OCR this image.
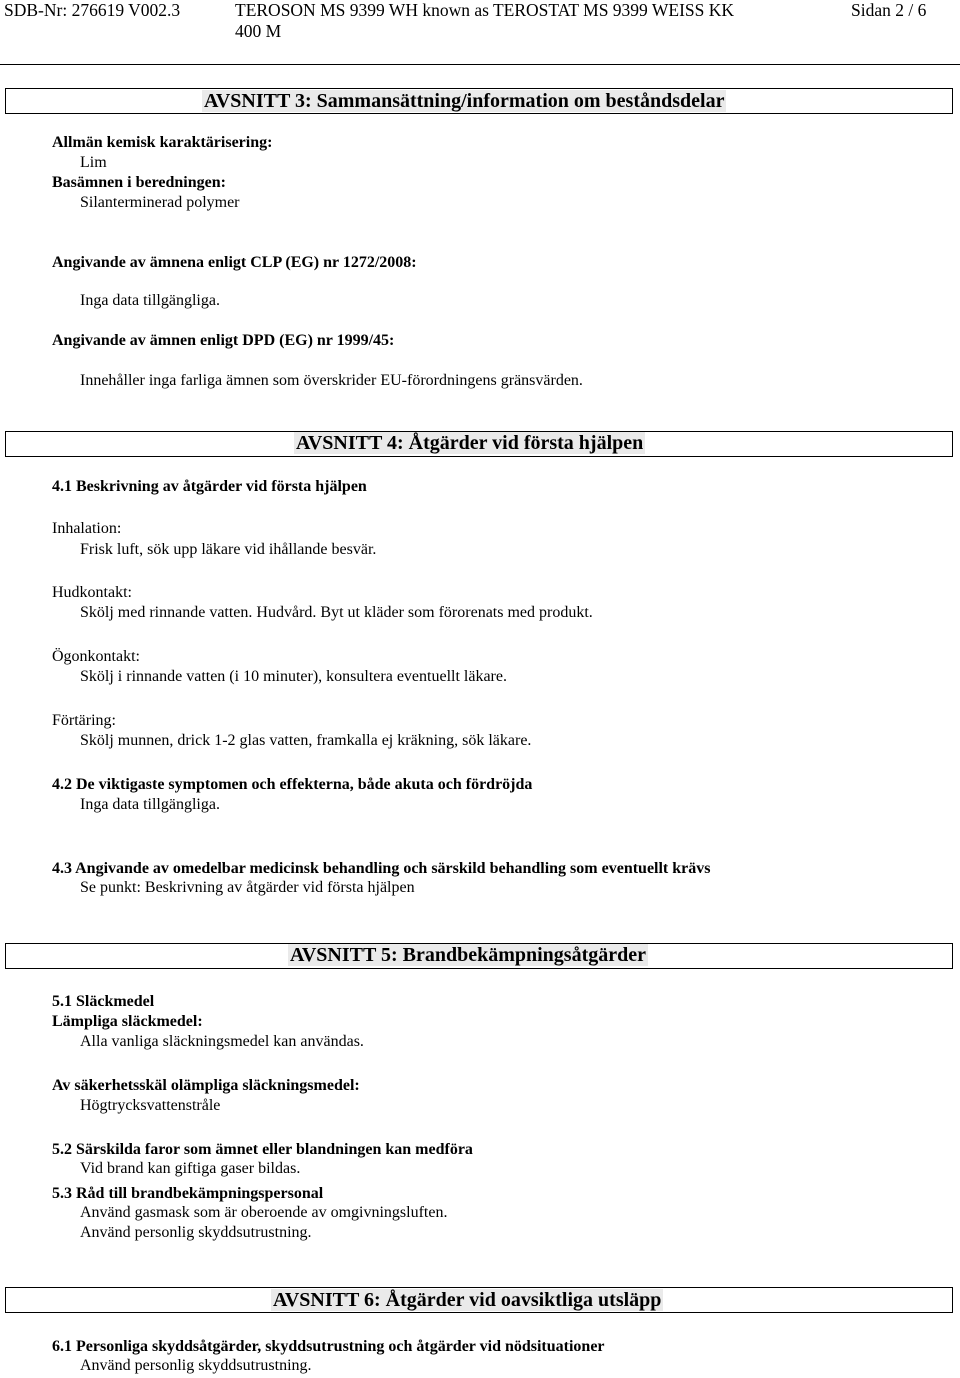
SDB-Nr: 276619 V002.3	TEROSON MS 9399 WH known as TEROSTAT MS 9399 WEISS KK
400 M
Sidan 2 / 6
AVSNITT 3: Sammansättning/information om beståndsdelar
Allmän kemisk karaktärisering:
Lim
Basämnen i beredningen:
Silanterminerad polymer
Angivande av ämnena enligt CLP (EG) nr 1272/2008:
Inga data tillgängliga.
Angivande av ämnen enligt DPD (EG) nr 1999/45:
Innehåller inga farliga ämnen som överskrider EU-förordningens gränsvärden.
AVSNITT 4: Åtgärder vid första hjälpen
4.1 Beskrivning av åtgärder vid första hjälpen
Inhalation:
Frisk luft, sök upp läkare vid ihållande besvär.
Hudkontakt:
Skölj med rinnande vatten. Hudvård. Byt ut kläder som förorenats med produkt.
Ögonkontakt:
Skölj i rinnande vatten (i 10 minuter), konsultera eventuellt läkare.
Förtäring:
Skölj munnen, drick 1-2 glas vatten, framkalla ej kräkning, sök läkare.
4.2 De viktigaste symptomen och effekterna, både akuta och fördröjda
Inga data tillgängliga.
4.3 Angivande av omedelbar medicinsk behandling och särskild behandling som eventuellt krävs
Se punkt: Beskrivning av åtgärder vid första hjälpen
AVSNITT 5: Brandbekämpningsåtgärder
5.1 Släckmedel
Lämpliga släckmedel:
Alla vanliga släckningsmedel kan användas.
Av säkerhetsskäl olämpliga släckningsmedel:
Högtrycksvattenstråle
5.2 Särskilda faror som ämnet eller blandningen kan medföra
Vid brand kan giftiga gaser bildas.
5.3 Råd till brandbekämpningspersonal
Använd gasmask som är oberoende av omgivningsluften.
Använd personlig skyddsutrustning.
AVSNITT 6: Åtgärder vid oavsiktliga utsläpp
6.1 Personliga skyddsåtgärder, skyddsutrustning och åtgärder vid nödsituationer
Använd personlig skyddsutrustning.
